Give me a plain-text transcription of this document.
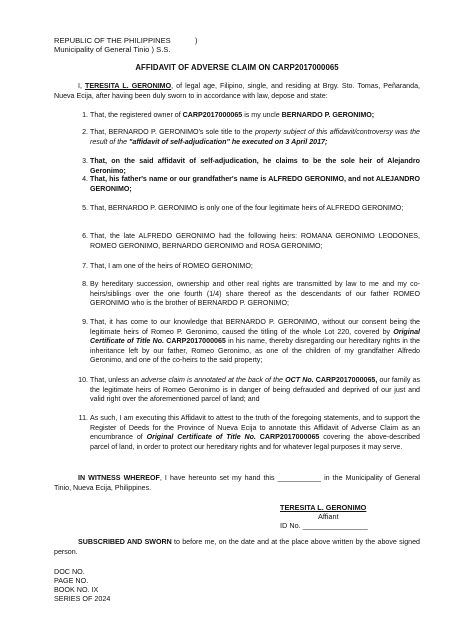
REPUBLIC OF THE PHILIPPINES	)
Municipality of General Tinio ) S.S.
AFFIDAVIT OF ADVERSE CLAIM ON CARP2017000065
I, TERESITA L. GERONIMO, of legal age, Filipino, single, and residing at Brgy. Sto. Tomas, Peñaranda, Nueva Ecija, after having been duly sworn to in accordance with law, depose and state:
1. That, the registered owner of CARP2017000065 is my uncle BERNARDO P. GERONIMO;
2. That, BERNARDO P. GERONIMO's sole title to the property subject of this affidavit/controversy was the result of the "affidavit of self-adjudication" he executed on 3 April 2017;
3. That, on the said affidavit of self-adjudication, he claims to be the sole heir of Alejandro Geronimo;
4. That, his father's name or our grandfather's name is ALFREDO GERONIMO, and not ALEJANDRO GERONIMO;
5. That, BERNARDO P. GERONIMO is only one of the four legitimate heirs of ALFREDO GERONIMO;
6. That, the late ALFREDO GERONIMO had the following heirs: ROMANA GERONIMO LEODONES, ROMEO GERONIMO, BERNARDO GERONIMO and ROSA GERONIMO;
7. That, I am one of the heirs of ROMEO GERONIMO;
8. By hereditary succession, ownership and other real rights are transmitted by law to me and my co-heirs/siblings over the one fourth (1/4) share thereof as the descendants of our father ROMEO GERONIMO who is the brother of BERNARDO P. GERONIMO;
9. That, it has come to our knowledge that BERNARDO P. GERONIMO, without our consent being the legitimate heirs of Romeo P. Geronimo, caused the titling of the whole Lot 220, covered by Original Certificate of Title No. CARP2017000065 in his name, thereby disregarding our hereditary rights in the inheritance left by our father, Romeo Geronimo, as one of the children of my grandfather Alfredo Geronimo, and one of the co-heirs to the said property;
10. That, unless an adverse claim is annotated at the back of the OCT No. CARP2017000065, our family as the legitimate heirs of Romeo Geronimo is in danger of being defrauded and deprived of our just and valid right over the aforementioned parcel of land; and
11. As such, I am executing this Affidavit to attest to the truth of the foregoing statements, and to support the Register of Deeds for the Province of Nueva Ecija to annotate this Affidavit of Adverse Claim as an encumbrance of Original Certificate of Title No. CARP2017000065 covering the above-described parcel of land, in order to protect our hereditary rights and for whatever legal purposes it may serve.
IN WITNESS WHEREOF, I have hereunto set my hand this ___________ in the Municipality of General Tinio, Nueva Ecija, Philippines.
TERESITA L. GERONIMO
Affiant
ID No. ________________
SUBSCRIBED AND SWORN to before me, on the date and at the place above written by the above signed person.
DOC NO.
PAGE NO.
BOOK NO. IX
SERIES OF 2024
